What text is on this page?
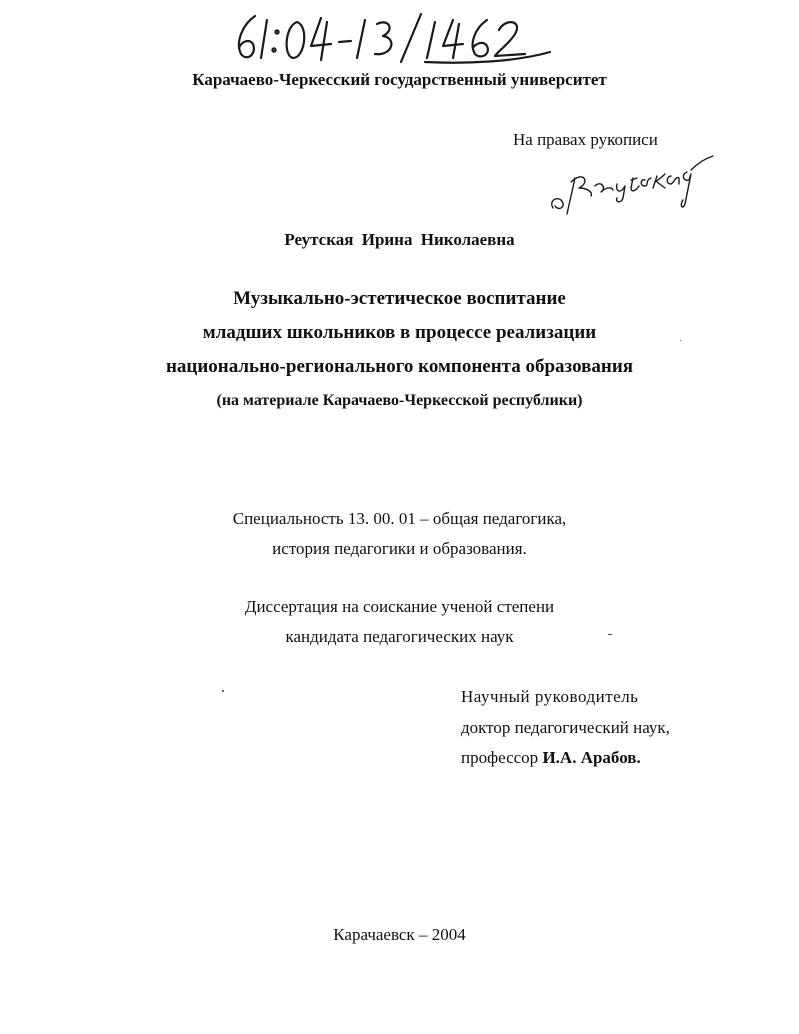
Карачаево-Черкесский государственный университет
На правах рукописи
Реутская Ирина Николаевна
Музыкально-эстетическое воспитание
младших школьников в процессе реализации
национально-регионального компонента образования
(на материале Карачаево-Черкесской республики)
Специальность 13. 00. 01 – общая педагогика,
история педагогики и образования.
Диссертация на соискание ученой степени
кандидата педагогических наук
Научный руководитель
доктор педагогический наук,
профессор И.А. Арабов.
Карачаевск – 2004
